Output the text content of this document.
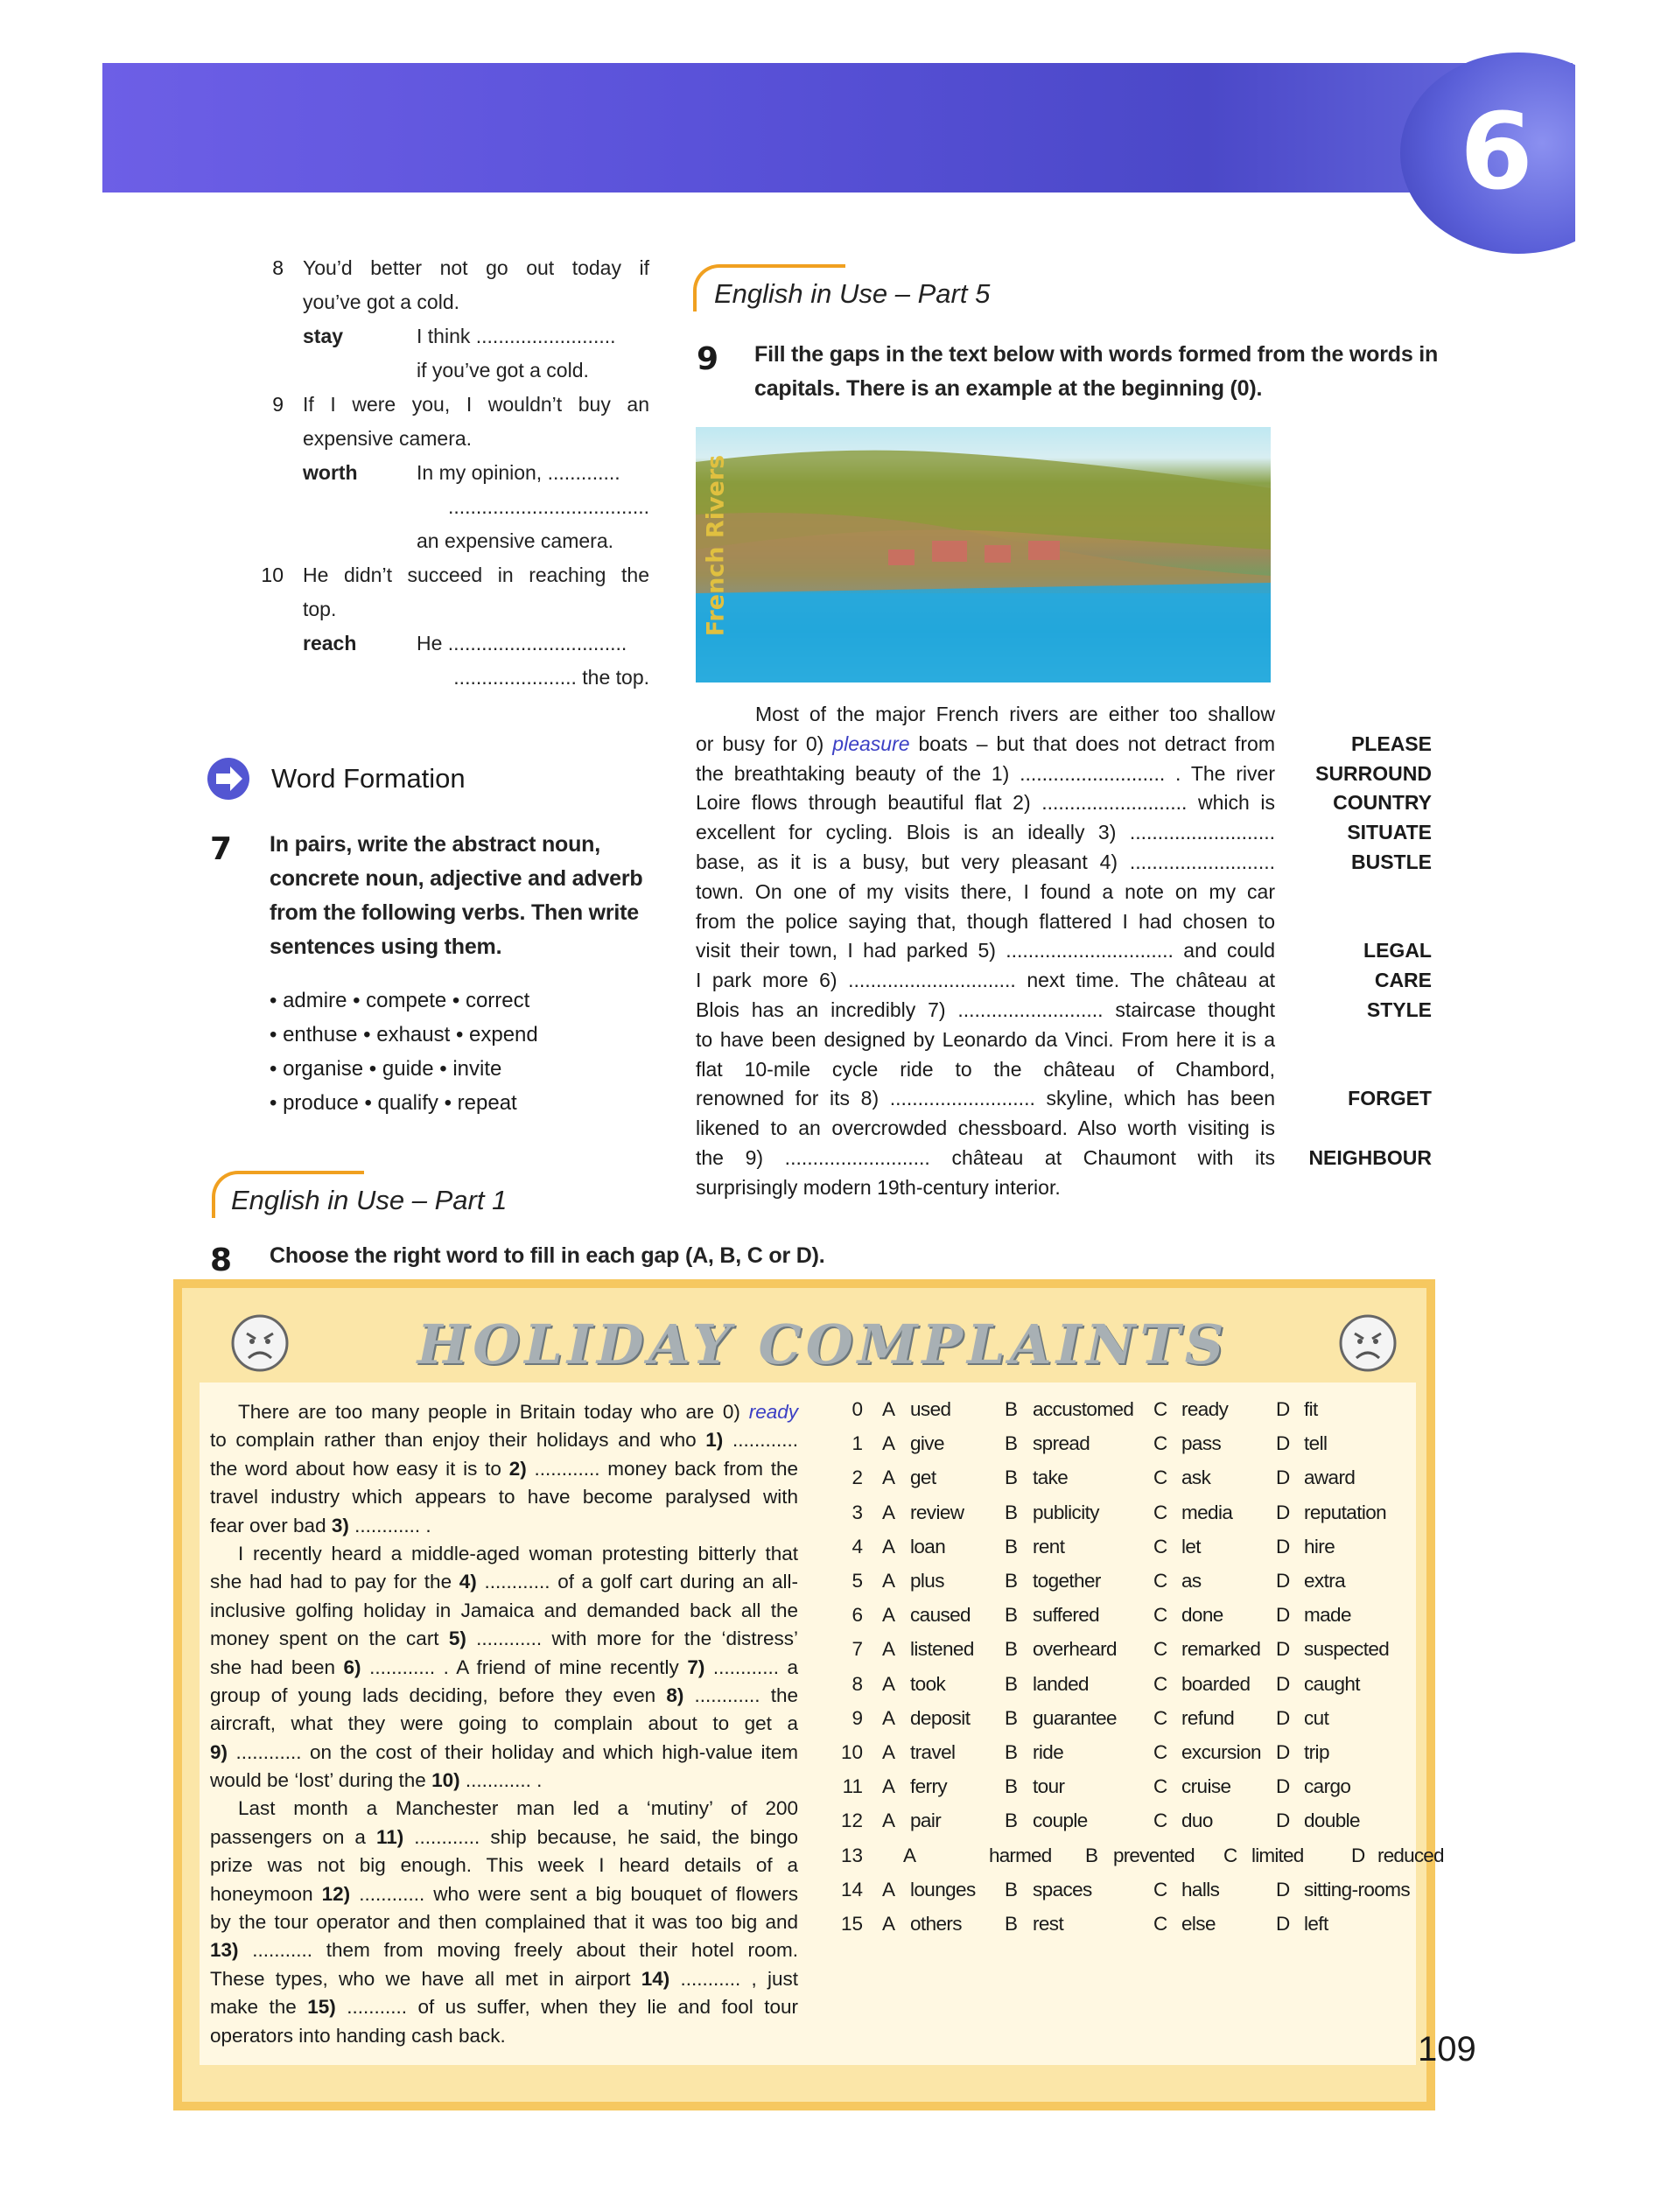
6
8 You’d better not go out today if
you’ve got a cold.
stay	I think .........................
if you’ve got a cold.
9 If I were you, I wouldn’t buy an
expensive camera.
worth	In my opinion, .............
....................................
an expensive camera.
10 He didn’t succeed in reaching the
top.
reach	He ................................
...................... the top.
Word Formation
7 In pairs, write the abstract noun,
concrete noun, adjective and adverb
from the following verbs. Then write
sentences using them.
• admire • compete • correct
• enthuse • exhaust • expend
• organise • guide • invite
• produce • qualify • repeat
English in Use – Part 5
9 Fill the gaps in the text below with words formed from the words in
capitals. There is an example at the beginning (0).
French Rivers
Most of the major French rivers are either too shallow
or busy for 0) pleasure boats – but that does not detract from
the breathtaking beauty of the 1) .......................... . The river
Loire flows through beautiful flat 2) .......................... which is
excellent for cycling. Blois is an ideally 3) ..........................
base, as it is a busy, but very pleasant 4) ..........................
town. On one of my visits there, I found a note on my car
from the police saying that, though flattered I had chosen to
visit their town, I had parked 5) .............................. and could
I park more 6) .............................. next time. The château at
Blois has an incredibly 7) .......................... staircase thought
to have been designed by Leonardo da Vinci. From here it is a
flat 10-mile cycle ride to the château of Chambord,
renowned for its 8) .......................... skyline, which has been
likened to an overcrowded chessboard. Also worth visiting is
the 9) .......................... château at Chaumont with its
surprisingly modern 19th-century interior.
PLEASE
SURROUND
COUNTRY
SITUATE
BUSTLE
LEGAL
CARE
STYLE
FORGET
NEIGHBOUR
English in Use – Part 1
8 Choose the right word to fill in each gap (A, B, C or D).
HOLIDAY COMPLAINTS
There are too many people in Britain today who are 0) ready
to complain rather than enjoy their holidays and who 1) ............
the word about how easy it is to 2) ............ money back from the
travel industry which appears to have become paralysed with
fear over bad 3) ............ .
I recently heard a middle-aged woman protesting bitterly that
she had had to pay for the 4) ............ of a golf cart during an all-
inclusive golfing holiday in Jamaica and demanded back all the
money spent on the cart 5) ............ with more for the ‘distress’
she had been 6) ............ . A friend of mine recently 7) ............ a
group of young lads deciding, before they even 8) ............ the
aircraft, what they were going to complain about to get a
9) ............ on the cost of their holiday and which high-value item
would be ‘lost’ during the 10) ............ .
Last month a Manchester man led a ‘mutiny’ of 200
passengers on a 11) ............ ship because, he said, the bingo
prize was not big enough. This week I heard details of a
honeymoon 12) ............ who were sent a big bouquet of flowers
by the tour operator and then complained that it was too big and
13) ........... them from moving freely about their hotel room.
These types, who we have all met in airport 14) ........... , just
make the 15) ........... of us suffer, when they lie and fool tour
operators into handing cash back.
0 A used	B accustomed C ready D fit
1 A give	B spread	C pass	D tell
2 A get	B take	C ask	D award
3 A review B publicity	C media D reputation
4 A loan	B rent	C let	D hire
5 A plus	B together	C as	D extra
6 A caused B suffered	C done	D made
7 A listened B overheard C remarked D suspected
8 A took	B landed	C boarded D caught
9 A deposit B guarantee C refund D cut
10 A travel	B ride	C excursion D trip
11 A ferry	B tour	C cruise D cargo
12 A pair	B couple	C duo	D double
13 A	harmed B prevented C limited D reduced
14 A lounges B spaces	C halls	D sitting-rooms
15 A others B rest	C else	D left
109
